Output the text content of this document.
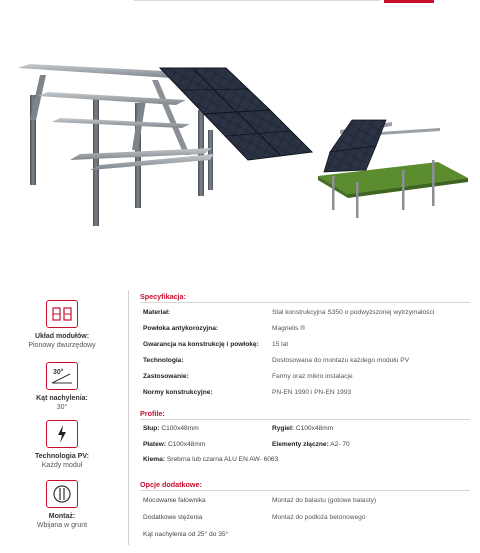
Układ modułów:
Pionowy dwurzędowy
30°
Kąt nachylenia:
30°
Technologia PV:
Każdy moduł
Montaż:
Wbijana w grunt
Specyfikacja:
Materiał:	Stal konstrukcyjna S350 o podwyższonej wytrzymałości
Powłoka antykorozyjna:	Magnelis ®
Gwarancja na konstrukcję i powłokę: 15 lat
Technologia:	Dostosowana do montażu każdego modułu PV
Zastosowanie:	Farmy oraz mikro instalacje
Normy konstrukcyjne:	PN-EN 1990 i PN-EN 1993
Profile:
Słup: C100x48mm	Rygiel: C100x48mm
Płatew: C100x48mm	Elementy złączne: A2- 70
Klema: Srebrna lub czarna ALU EN AW- 6063
Opcje dodatkowe:
Mocowanie falownika	Montaż do balastu (gotowe balasty)
Dodatkowe stężenia	Montaż do podłoża betonowego
Kąt nachylenia od 25° do 35°
